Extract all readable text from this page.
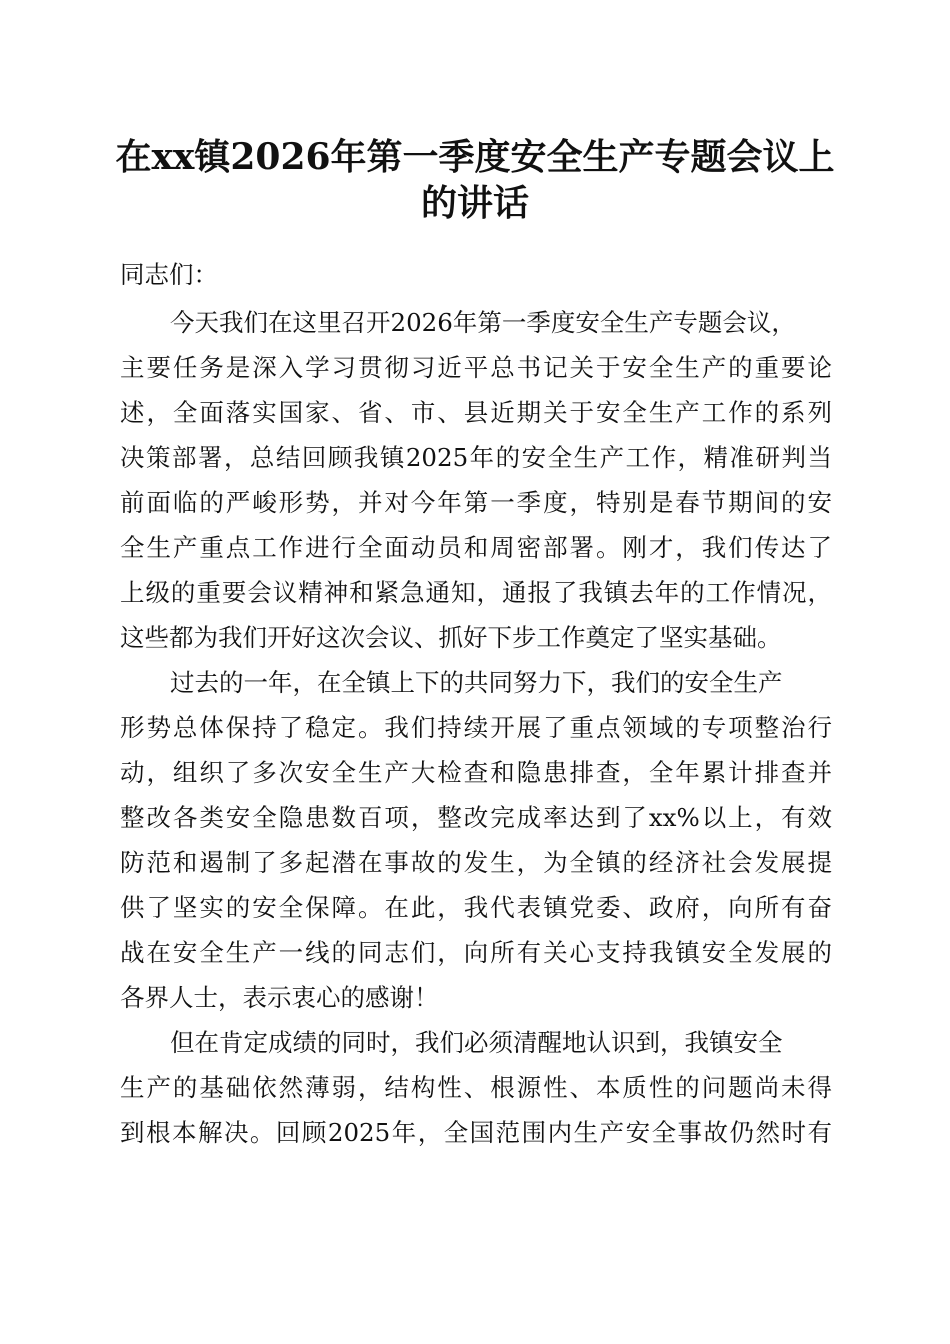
在xx镇2026年第一季度安全生产专题会议上
的讲话
同志们：
今天我们在这里召开2026年第一季度安全生产专题会议，
主要任务是深入学习贯彻习近平总书记关于安全生产的重要论
述，全面落实国家、省、市、县近期关于安全生产工作的系列
决策部署，总结回顾我镇2025年的安全生产工作，精准研判当
前面临的严峻形势，并对今年第一季度，特别是春节期间的安
全生产重点工作进行全面动员和周密部署。刚才，我们传达了
上级的重要会议精神和紧急通知，通报了我镇去年的工作情况，
这些都为我们开好这次会议、抓好下步工作奠定了坚实基础。
过去的一年，在全镇上下的共同努力下，我们的安全生产
形势总体保持了稳定。我们持续开展了重点领域的专项整治行
动，组织了多次安全生产大检查和隐患排查，全年累计排查并
整改各类安全隐患数百项，整改完成率达到了xx%以上，有效
防范和遏制了多起潜在事故的发生，为全镇的经济社会发展提
供了坚实的安全保障。在此，我代表镇党委、政府，向所有奋
战在安全生产一线的同志们，向所有关心支持我镇安全发展的
各界人士，表示衷心的感谢！
但在肯定成绩的同时，我们必须清醒地认识到，我镇安全
生产的基础依然薄弱，结构性、根源性、本质性的问题尚未得
到根本解决。回顾2025年，全国范围内生产安全事故仍然时有
